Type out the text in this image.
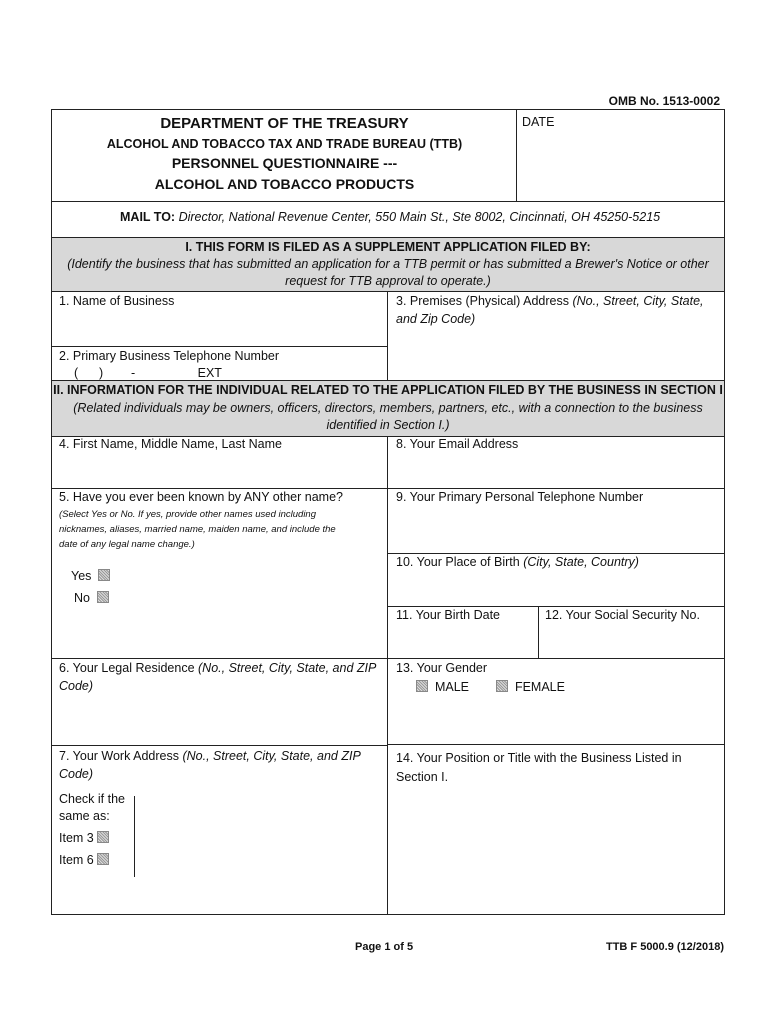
OMB No. 1513-0002
DEPARTMENT OF THE TREASURY
ALCOHOL AND TOBACCO TAX AND TRADE BUREAU (TTB)
PERSONNEL QUESTIONNAIRE ---
ALCOHOL AND TOBACCO PRODUCTS
DATE
MAIL TO: Director, National Revenue Center, 550 Main St., Ste 8002, Cincinnati, OH 45250-5215
I. THIS FORM IS FILED AS A SUPPLEMENT APPLICATION FILED BY:
(Identify the business that has submitted an application for a TTB permit or has submitted a Brewer's Notice or other
request for TTB approval to operate.)
1. Name of Business
2. Primary Business Telephone Number
(      )        -                  EXT
3. Premises (Physical) Address (No., Street, City, State,
and Zip Code)
II. INFORMATION FOR THE INDIVIDUAL RELATED TO THE APPLICATION FILED BY THE BUSINESS IN SECTION I
(Related individuals may be owners, officers, directors, members, partners, etc., with a connection to the business
identified in Section I.)
4. First Name, Middle Name, Last Name
5. Have you ever been known by ANY other name?
(Select Yes or No. If yes, provide other names used including
nicknames, aliases, married name, maiden name, and include the
date of any legal name change.)
Yes
No
6. Your Legal Residence (No., Street, City, State, and ZIP
Code)
7. Your Work Address (No., Street, City, State, and ZIP
Code)
Check if the
same as:
Item 3
Item 6
8. Your Email Address
9. Your Primary Personal Telephone Number
10. Your Place of Birth (City, State, Country)
11. Your Birth Date	12. Your Social Security No.
13. Your Gender
MALE	FEMALE
14. Your Position or Title with the Business Listed in
Section I.
Page 1 of 5	TTB F 5000.9 (12/2018)
